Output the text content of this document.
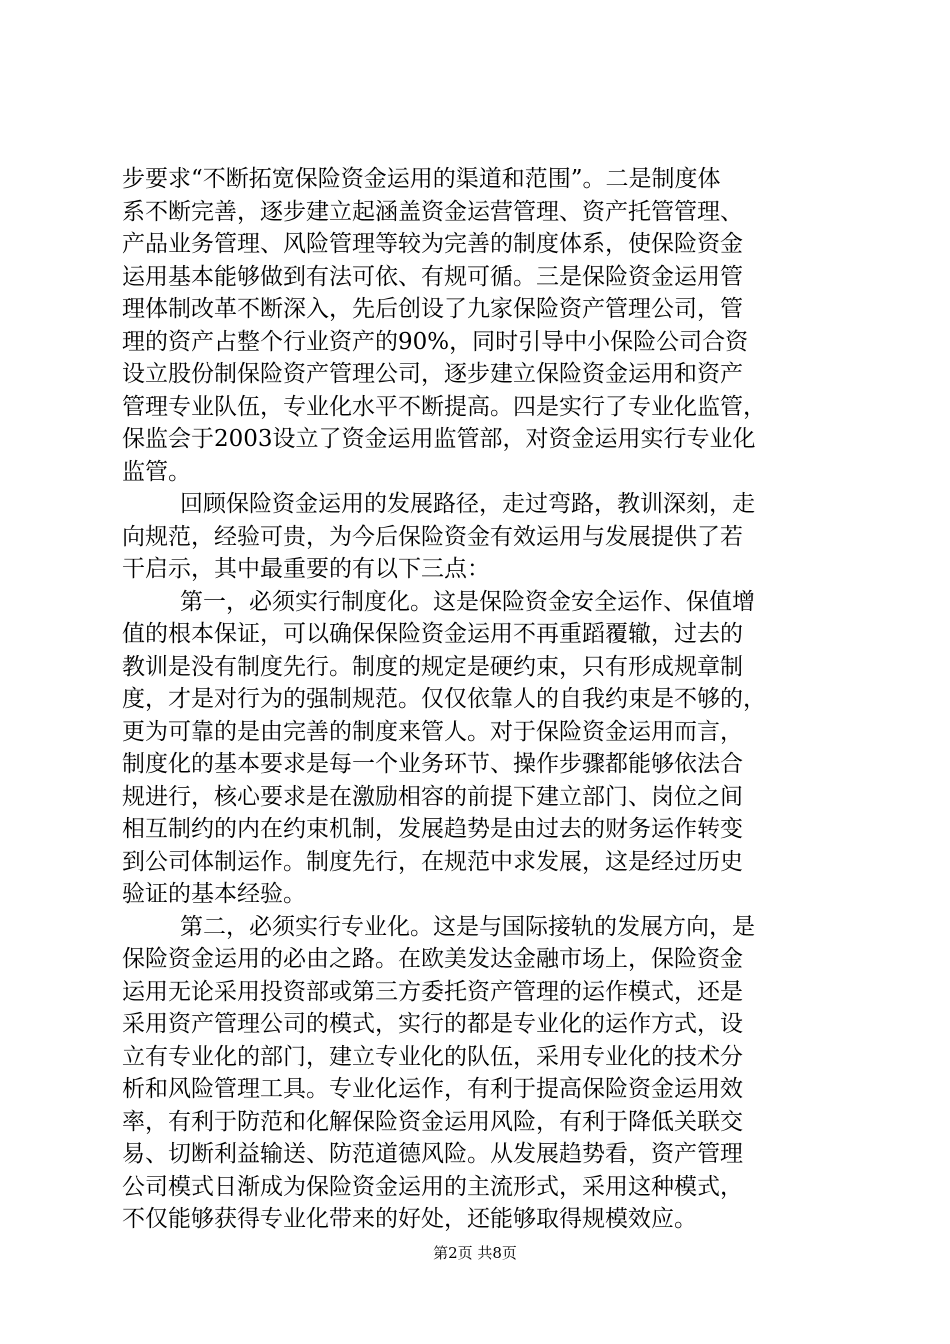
步要求“不断拓宽保险资金运用的渠道和范围”。二是制度体
系不断完善，逐步建立起涵盖资金运营管理、资产托管管理、
产品业务管理、风险管理等较为完善的制度体系，使保险资金
运用基本能够做到有法可依、有规可循。三是保险资金运用管
理体制改革不断深入，先后创设了九家保险资产管理公司，管
理的资产占整个行业资产的90%，同时引导中小保险公司合资
设立股份制保险资产管理公司，逐步建立保险资金运用和资产
管理专业队伍，专业化水平不断提高。四是实行了专业化监管，
保监会于2003设立了资金运用监管部，对资金运用实行专业化
监管。
回顾保险资金运用的发展路径，走过弯路，教训深刻，走
向规范，经验可贵，为今后保险资金有效运用与发展提供了若
干启示，其中最重要的有以下三点：
第一，必须实行制度化。这是保险资金安全运作、保值增
值的根本保证，可以确保保险资金运用不再重蹈覆辙，过去的
教训是没有制度先行。制度的规定是硬约束，只有形成规章制
度，才是对行为的强制规范。仅仅依靠人的自我约束是不够的，
更为可靠的是由完善的制度来管人。对于保险资金运用而言，
制度化的基本要求是每一个业务环节、操作步骤都能够依法合
规进行，核心要求是在激励相容的前提下建立部门、岗位之间
相互制约的内在约束机制，发展趋势是由过去的财务运作转变
到公司体制运作。制度先行，在规范中求发展，这是经过历史
验证的基本经验。
第二，必须实行专业化。这是与国际接轨的发展方向，是
保险资金运用的必由之路。在欧美发达金融市场上，保险资金
运用无论采用投资部或第三方委托资产管理的运作模式，还是
采用资产管理公司的模式，实行的都是专业化的运作方式，设
立有专业化的部门，建立专业化的队伍，采用专业化的技术分
析和风险管理工具。专业化运作，有利于提高保险资金运用效
率，有利于防范和化解保险资金运用风险，有利于降低关联交
易、切断利益输送、防范道德风险。从发展趋势看，资产管理
公司模式日渐成为保险资金运用的主流形式，采用这种模式，
不仅能够获得专业化带来的好处，还能够取得规模效应。
第2页 共8页
